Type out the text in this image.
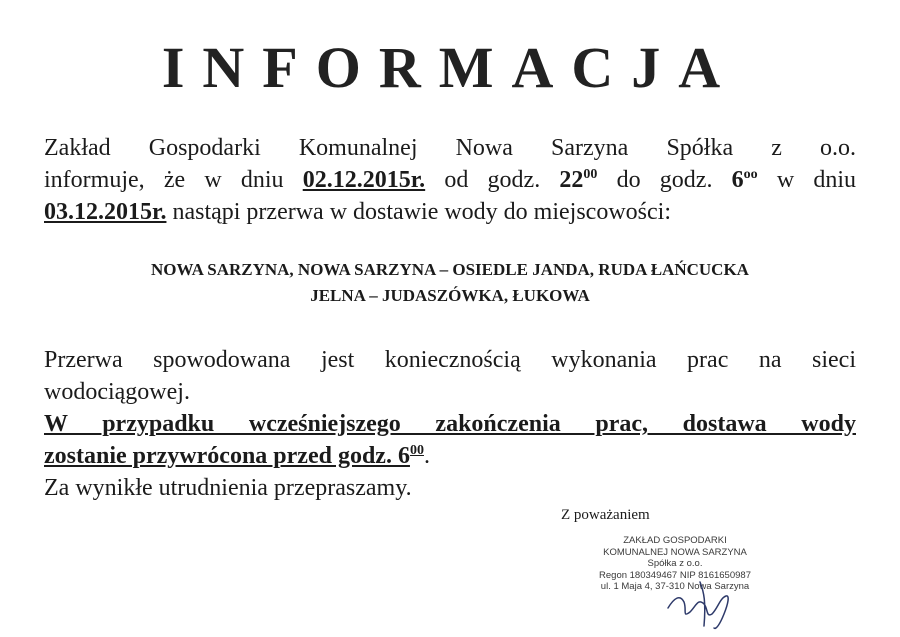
INFORMACJA
Zakład Gospodarki Komunalnej Nowa Sarzyna Spółka z o.o.
informuje, że w dniu 02.12.2015r. od godz. $22^{00}$ do godz. $6^{oo}$ w dniu
03.12.2015r. nastąpi przerwa w dostawie wody do miejscowości:
NOWA SARZYNA, NOWA SARZYNA – OSIEDLE JANDA, RUDA ŁAŃCUCKA
JELNA – JUDASZÓWKA, ŁUKOWA
Przerwa spowodowana jest koniecznością wykonania prac na sieci
wodociągowej.
W przypadku wcześniejszego zakończenia prac, dostawa wody
zostanie przywrócona przed godz. $6^{00}$.
Za wynikłe utrudnienia przepraszamy.
Z poważaniem
ZAKŁAD GOSPODARKI
KOMUNALNEJ NOWA SARZYNA
Spółka z o.o.
Regon 180349467 NIP 8161650987
ul. 1 Maja 4, 37-310 Nowa Sarzyna
